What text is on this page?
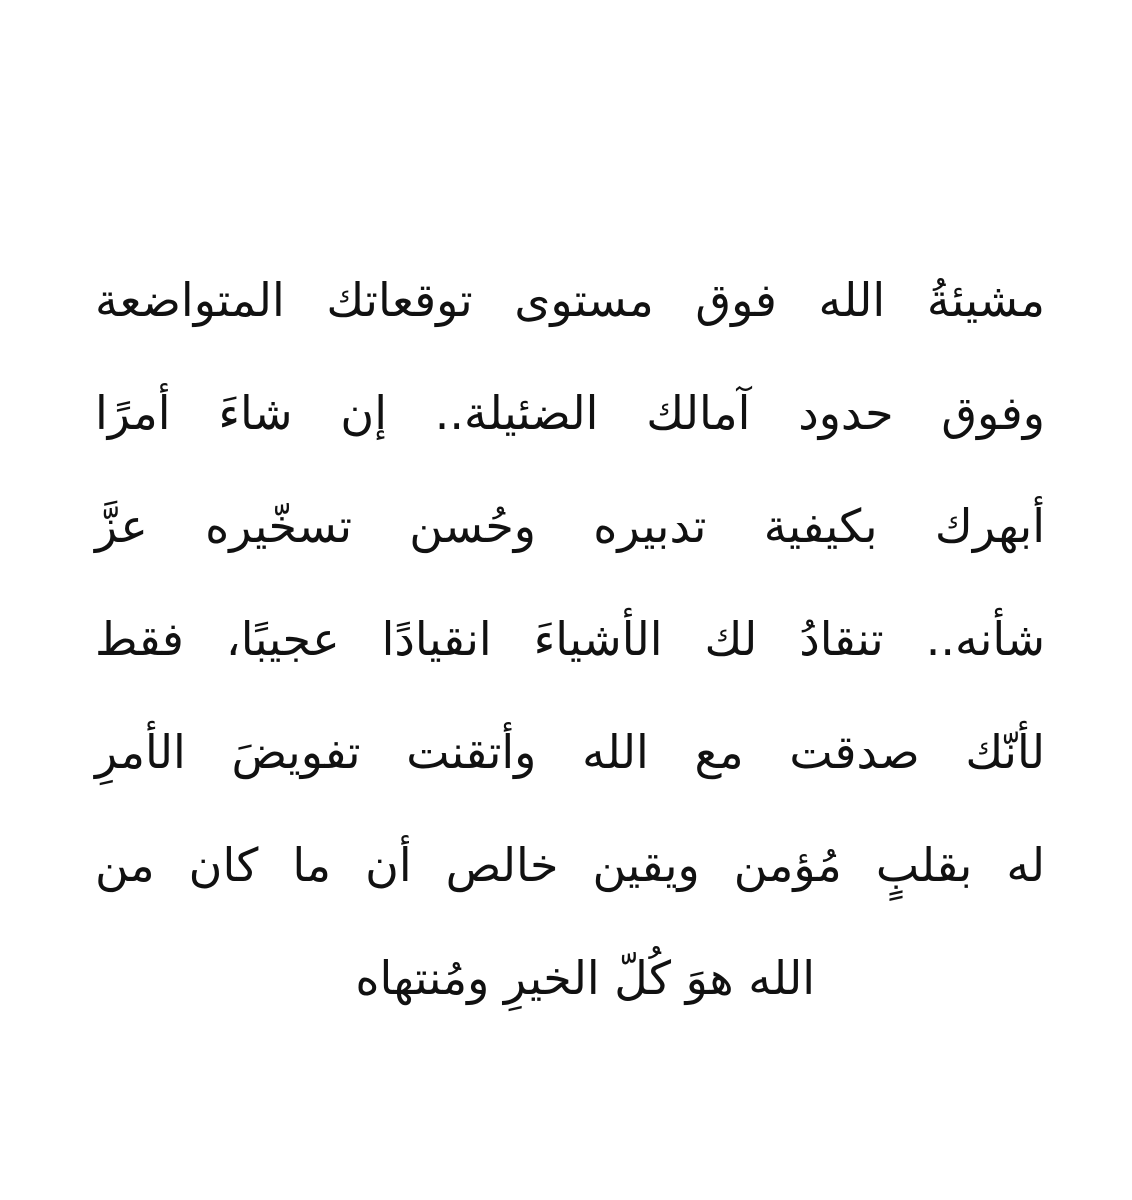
مشيئةُ الله فوق مستوى توقعاتك المتواضعة
وفوق حدود آمالك الضئيلة.. إن شاءَ أمرًا
أبهرك بكيفية تدبيره وحُسن تسخّيره عزَّ
شأنه.. تنقادُ لك الأشياءَ انقيادًا عجيبًا، فقط
لأنّك صدقت مع الله وأتقنت تفويضَ الأمرِ
له بقلبٍ مُؤمن ويقين خالص أن ما كان من
الله هوَ كُلّ الخيرِ ومُنتهاه
